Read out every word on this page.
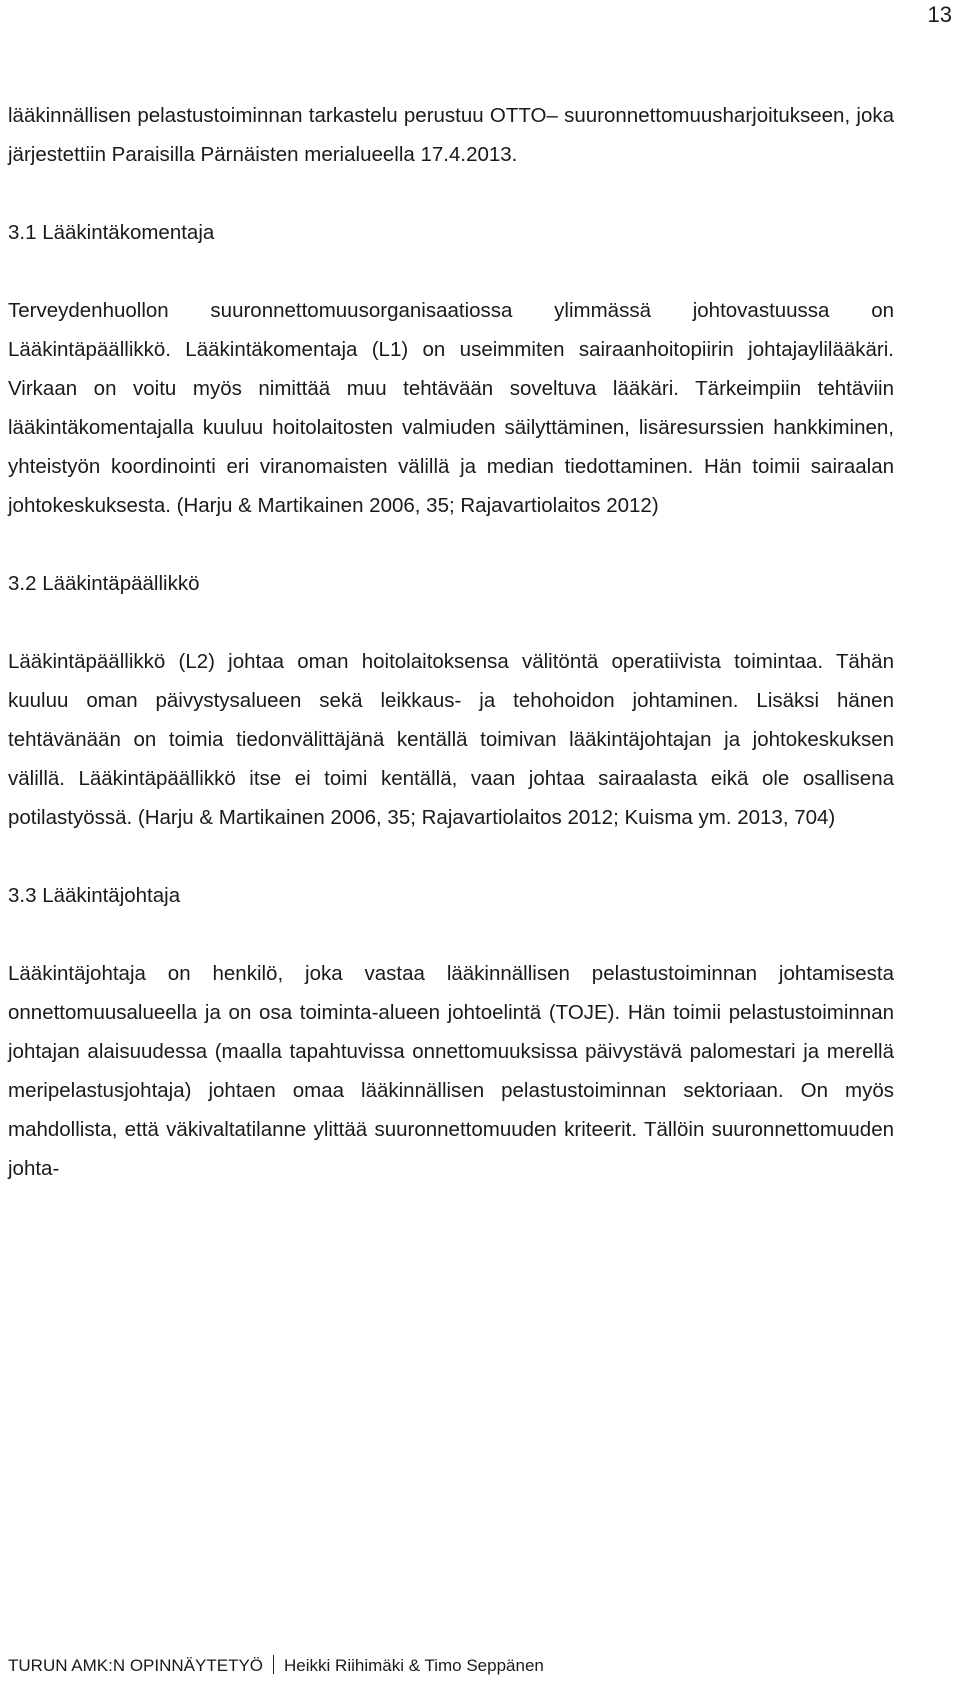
13

lääkinnällisen pelastustoiminnan tarkastelu perustuu OTTO– suuronnettomuusharjoitukseen, joka järjestettiin Paraisilla Pärnäisten merialueella 17.4.2013.

3.1 Lääkintäkomentaja

Terveydenhuollon suuronnettomuusorganisaatiossa ylimmässä johtovastuussa on Lääkintäpäällikkö. Lääkintäkomentaja (L1) on useimmiten sairaanhoitopiirin johtajaylilääkäri. Virkaan on voitu myös nimittää muu tehtävään soveltuva lääkäri. Tärkeimpiin tehtäviin lääkintäkomentajalla kuuluu hoitolaitosten valmiuden säilyttäminen, lisäresurssien hankkiminen, yhteistyön koordinointi eri viranomaisten välillä ja median tiedottaminen. Hän toimii sairaalan johtokeskuksesta. (Harju & Martikainen 2006, 35; Rajavartiolaitos 2012)

3.2 Lääkintäpäällikkö

Lääkintäpäällikkö (L2) johtaa oman hoitolaitoksensa välitöntä operatiivista toimintaa. Tähän kuuluu oman päivystysalueen sekä leikkaus- ja tehohoidon johtaminen. Lisäksi hänen tehtävänään on toimia tiedonvälittäjänä kentällä toimivan lääkintäjohtajan ja johtokeskuksen välillä. Lääkintäpäällikkö itse ei toimi kentällä, vaan johtaa sairaalasta eikä ole osallisena potilastyössä. (Harju & Martikainen 2006, 35; Rajavartiolaitos 2012; Kuisma ym. 2013, 704)

3.3 Lääkintäjohtaja

Lääkintäjohtaja on henkilö, joka vastaa lääkinnällisen pelastustoiminnan johtamisesta onnettomuusalueella ja on osa toiminta-alueen johtoelintä (TOJE). Hän toimii pelastustoiminnan johtajan alaisuudessa (maalla tapahtuvissa onnettomuuksissa päivystävä palomestari ja merellä meripelastusjohtaja) johtaen omaa lääkinnällisen pelastustoiminnan sektoriaan. On myös mahdollista, että väkivaltatilanne ylittää suuronnettomuuden kriteerit. Tällöin suuronnettomuuden johta-

TURUN AMK:N OPINNÄYTETYÖ Heikki Riihimäki & Timo Seppänen
